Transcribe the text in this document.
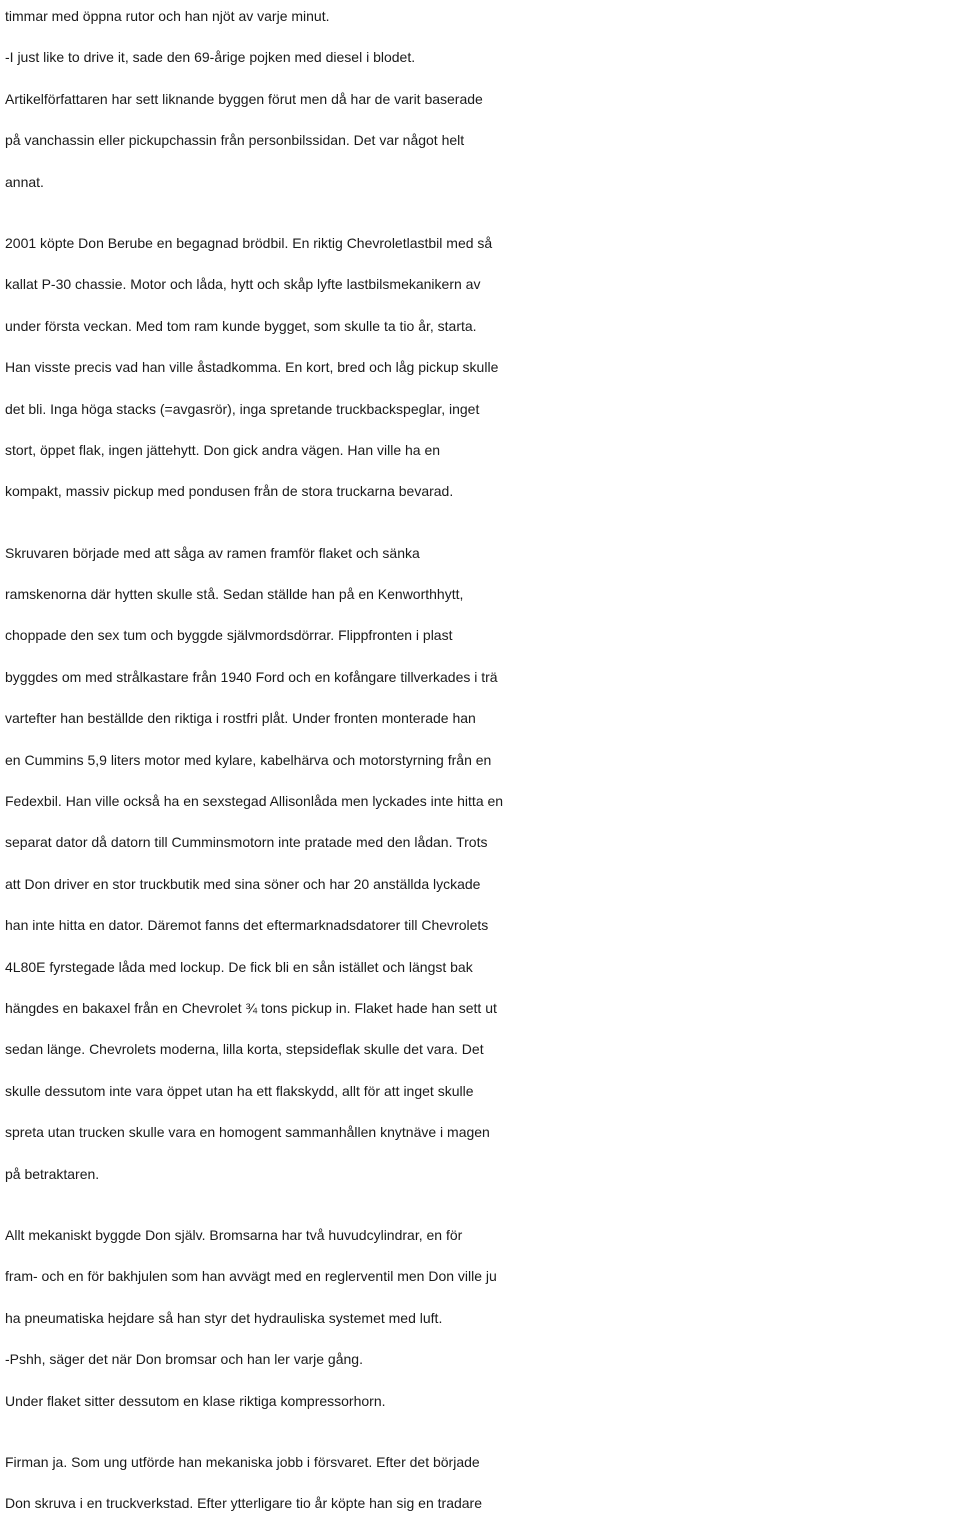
timmar med öppna rutor och han njöt av varje minut.
-I just like to drive it, sade den 69-årige pojken med diesel i blodet.
Artikelförfattaren har sett liknande byggen förut men då har de varit baserade
på vanchassin eller pickupchassin från personbilssidan. Det var något helt
annat.
2001 köpte Don Berube en begagnad brödbil. En riktig Chevroletlastbil med så
kallat P-30 chassie. Motor och låda, hytt och skåp lyfte lastbilsmekanikern av
under första veckan. Med tom ram kunde bygget, som skulle ta tio år, starta.
Han visste precis vad han ville åstadkomma. En kort, bred och låg pickup skulle
det bli. Inga höga stacks (=avgasrör), inga spretande truckbackspeglar, inget
stort, öppet flak, ingen jättehytt. Don gick andra vägen. Han ville ha en
kompakt, massiv pickup med pondusen från de stora truckarna bevarad.
Skruvaren började med att såga av ramen framför flaket och sänka
ramskenorna där hytten skulle stå. Sedan ställde han på en Kenworthhytt,
choppade den sex tum och byggde självmordsdörrar. Flippfronten i plast
byggdes om med strålkastare från 1940 Ford och en kofångare tillverkades i trä
vartefter han beställde den riktiga i rostfri plåt. Under fronten monterade han
en Cummins 5,9 liters motor med kylare, kabelhärva och motorstyrning från en
Fedexbil. Han ville också ha en sexstegad Allisonlåda men lyckades inte hitta en
separat dator då datorn till Cumminsmotorn inte pratade med den lådan. Trots
att Don driver en stor truckbutik med sina söner och har 20 anställda lyckade
han inte hitta en dator. Däremot fanns det eftermarknadsdatorer till Chevrolets
4L80E fyrstegade låda med lockup. De fick bli en sån istället och längst bak
hängdes en bakaxel från en Chevrolet ¾ tons pickup in. Flaket hade han sett ut
sedan länge. Chevrolets moderna, lilla korta, stepsideflak skulle det vara. Det
skulle dessutom inte vara öppet utan ha ett flakskydd, allt för att inget skulle
spreta utan trucken skulle vara en homogent sammanhållen knytnäve i magen
på betraktaren.
Allt mekaniskt byggde Don själv. Bromsarna har två huvudcylindrar, en för
fram- och en för bakhjulen som han avvägt med en reglerventil men Don ville ju
ha pneumatiska hejdare så han styr det hydrauliska systemet med luft.
-Pshh, säger det när Don bromsar och han ler varje gång.
Under flaket sitter dessutom en klase riktiga kompressorhorn.
Firman ja. Som ung utförde han mekaniska jobb i försvaret. Efter det började
Don skruva i en truckverkstad. Efter ytterligare tio år köpte han sig en tradare
